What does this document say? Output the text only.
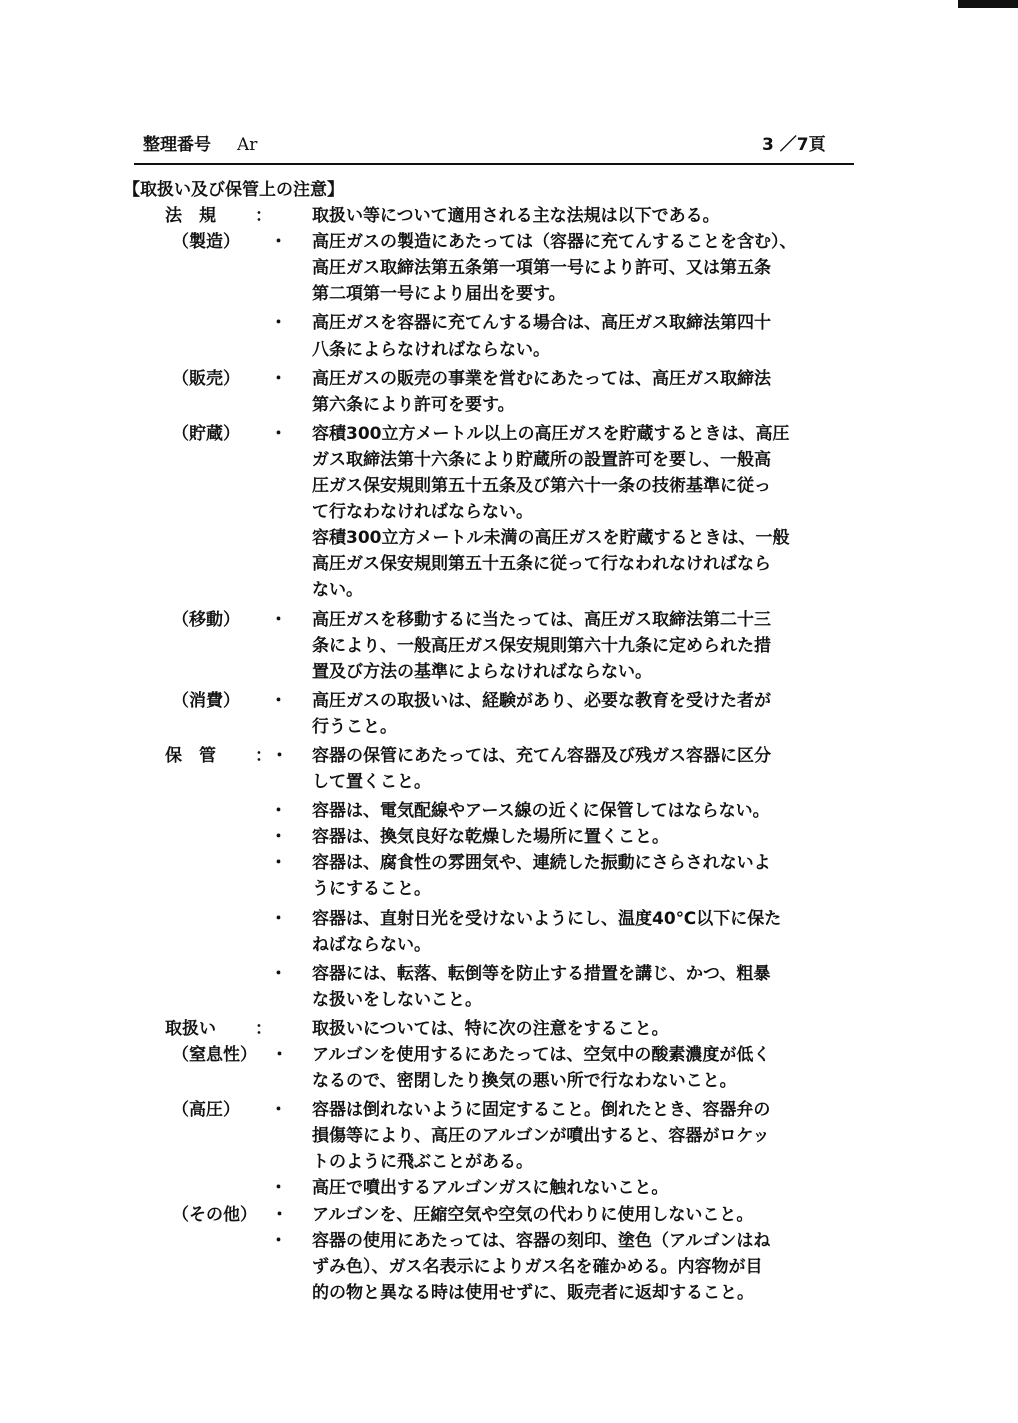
整理番号 Ar	3 ／7頁
【取扱い及び保管上の注意】
法　規 ： 取扱い等について適用される主な法規は以下である。
（製造） ・ 高圧ガスの製造にあたっては（容器に充てんすることを含む）、
高圧ガス取締法第五条第一項第一号により許可、又は第五条
第二項第一号により届出を要す。
・ 高圧ガスを容器に充てんする場合は、高圧ガス取締法第四十
八条によらなければならない。
（販売） ・ 高圧ガスの販売の事業を営むにあたっては、高圧ガス取締法
第六条により許可を要す。
（貯蔵） ・ 容積300立方メートル以上の高圧ガスを貯蔵するときは、高圧
ガス取締法第十六条により貯蔵所の設置許可を要し、一般高
圧ガス保安規則第五十五条及び第六十一条の技術基準に従っ
て行なわなければならない。
容積300立方メートル未満の高圧ガスを貯蔵するときは、一般
高圧ガス保安規則第五十五条に従って行なわれなければなら
ない。
（移動） ・ 高圧ガスを移動するに当たっては、高圧ガス取締法第二十三
条により、一般高圧ガス保安規則第六十九条に定められた措
置及び方法の基準によらなければならない。
（消費） ・ 高圧ガスの取扱いは、経験があり、必要な教育を受けた者が
行うこと。
保　管 ： ・ 容器の保管にあたっては、充てん容器及び残ガス容器に区分
して置くこと。
・ 容器は、電気配線やアース線の近くに保管してはならない。
・ 容器は、換気良好な乾燥した場所に置くこと。
・ 容器は、腐食性の雰囲気や、連続した振動にさらされないよ
うにすること。
・ 容器は、直射日光を受けないようにし、温度40℃以下に保た
ねばならない。
・ 容器には、転落、転倒等を防止する措置を講じ、かつ、粗暴
な扱いをしないこと。
取扱い ： 取扱いについては、特に次の注意をすること。
（窒息性） ・ アルゴンを使用するにあたっては、空気中の酸素濃度が低く
なるので、密閉したり換気の悪い所で行なわないこと。
（高圧） ・ 容器は倒れないように固定すること。倒れたとき、容器弁の
損傷等により、高圧のアルゴンが噴出すると、容器がロケッ
トのように飛ぶことがある。
・ 高圧で噴出するアルゴンガスに触れないこと。
（その他） ・ アルゴンを、圧縮空気や空気の代わりに使用しないこと。
・ 容器の使用にあたっては、容器の刻印、塗色（アルゴンはね
ずみ色）、ガス名表示によりガス名を確かめる。内容物が目
的の物と異なる時は使用せずに、販売者に返却すること。
